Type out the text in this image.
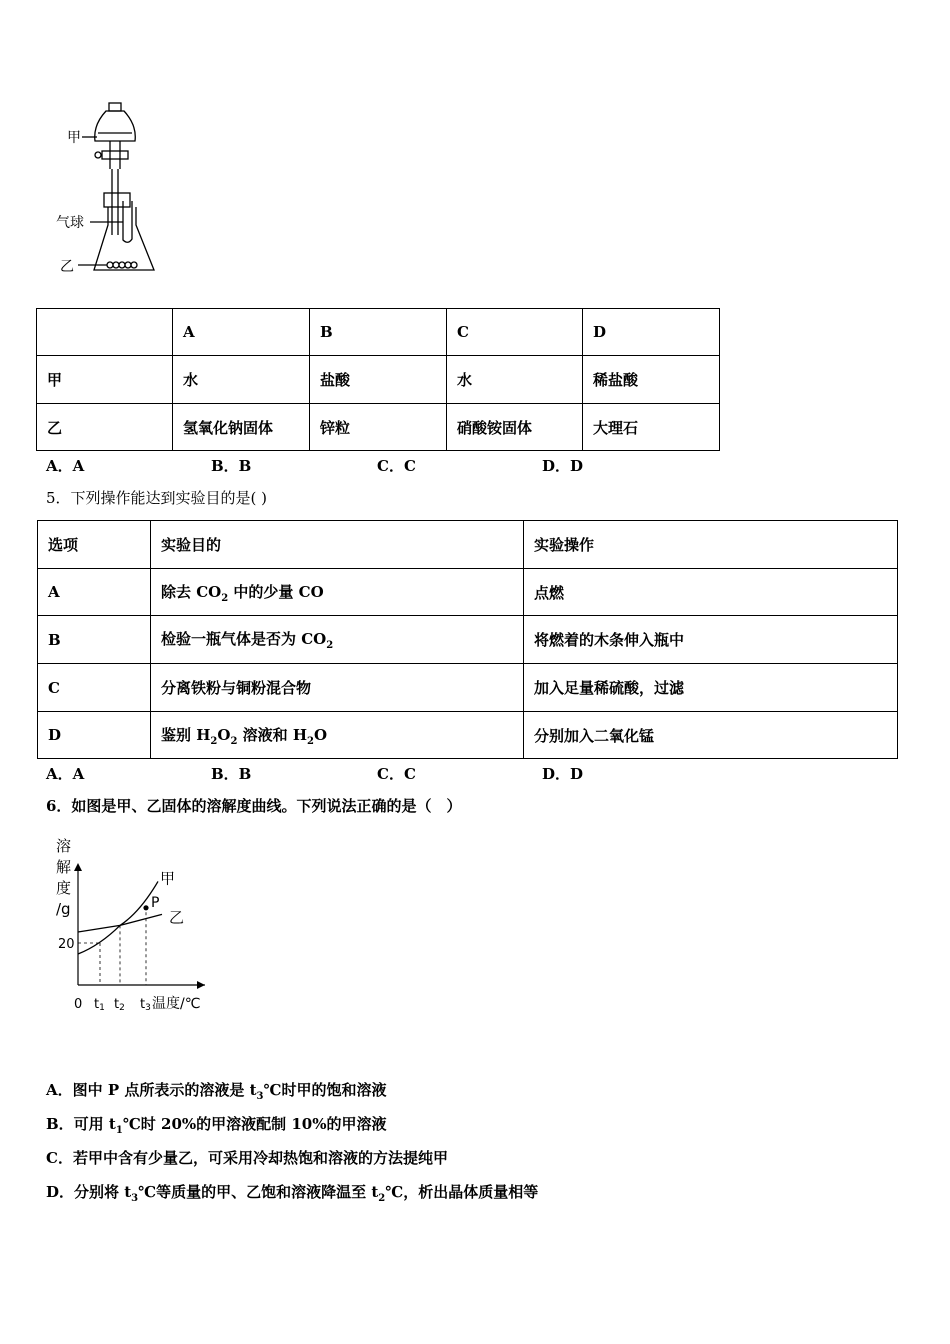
甲
气球
乙
	A	B	C	D
甲	水	盐酸	水	稀盐酸
乙	氢氧化钠固体	锌粒	硝酸铵固体	大理石
A．A	B．B	C．C	D．D
5．下列操作能达到实验目的是( )
选项	实验目的	实验操作
A	除去 $CO_2$ 中的少量 CO	点燃
B	检验一瓶气体是否为 $CO_2$	将燃着的木条伸入瓶中
C	分离铁粉与铜粉混合物	加入足量稀硫酸，过滤
D	鉴别 $H_2O_2$ 溶液和 $H_2O$	分别加入二氧化锰
A．A	B．B	C．C	D．D
6．如图是甲、乙固体的溶解度曲线。下列说法正确的是（　）
溶
解
度
/g
20
0 t1 t2 t3 温度/℃
甲
乙
P
A．图中 P 点所表示的溶液是 $t_3℃$时甲的饱和溶液
B．可用 $t_1℃$时 20%的甲溶液配制 10%的甲溶液
C．若甲中含有少量乙，可采用冷却热饱和溶液的方法提纯甲
D．分别将 $t_3℃$等质量的甲、乙饱和溶液降温至 $t_2℃$，析出晶体质量相等
